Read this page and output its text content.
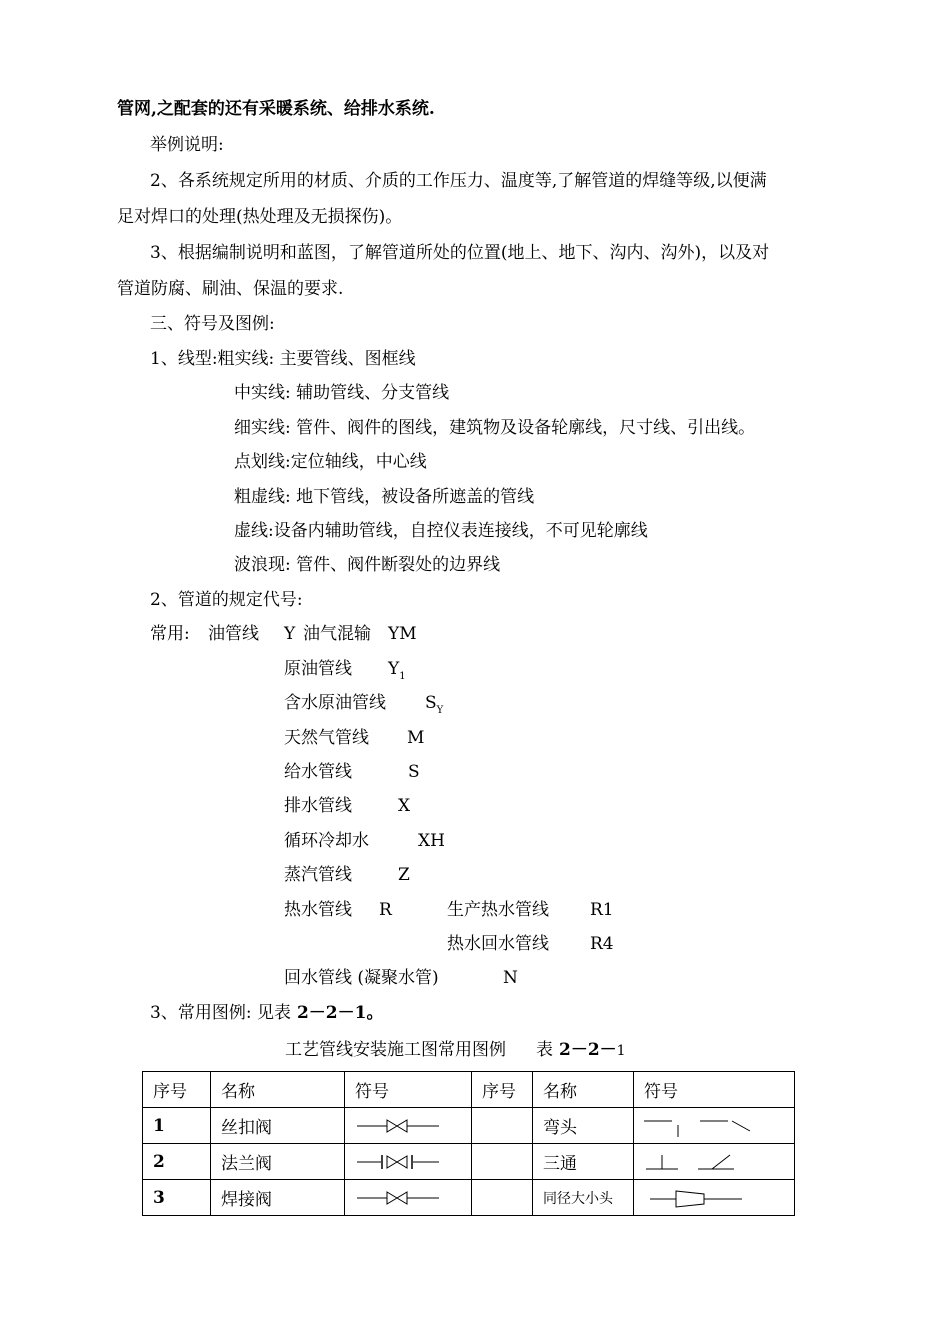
管网,之配套的还有采暖系统、给排水系统.
举例说明:
2、各系统规定所用的材质、介质的工作压力、温度等,了解管道的焊缝等级,以便满
足对焊口的处理(热处理及无损探伤)。
3、根据编制说明和蓝图，了解管道所处的位置(地上、地下、沟内、沟外)，以及对
管道防腐、刷油、保温的要求.
三、符号及图例:
1、线型:粗实线: 主要管线、图框线
中实线: 辅助管线、分支管线
细实线: 管件、阀件的图线，建筑物及设备轮廓线，尺寸线、引出线。
点划线:定位轴线，中心线
粗虚线: 地下管线，被设备所遮盖的管线
虚线:设备内辅助管线，自控仪表连接线，不可见轮廓线
波浪现: 管件、阀件断裂处的边界线
2、管道的规定代号:
常用: 油管线 Y 油气混输 YM
原油管线 $Y_1$
含水原油管线 $S_Y$
天然气管线 M
给水管线	S
排水管线	X
循环冷却水	XH
蒸汽管线	Z
热水管线 R	生产热水管线 R1
热水回水管线 R4
回水管线 (凝聚水管)	N
3、常用图例: 见表 2－2－1。
工艺管线安装施工图常用图例 表 2－2－1
序号	名称	符号	序号	名称	符号
1	丝扣阀			弯头	

2	法兰阀			三通	

3	焊接阀			同径大小头	
